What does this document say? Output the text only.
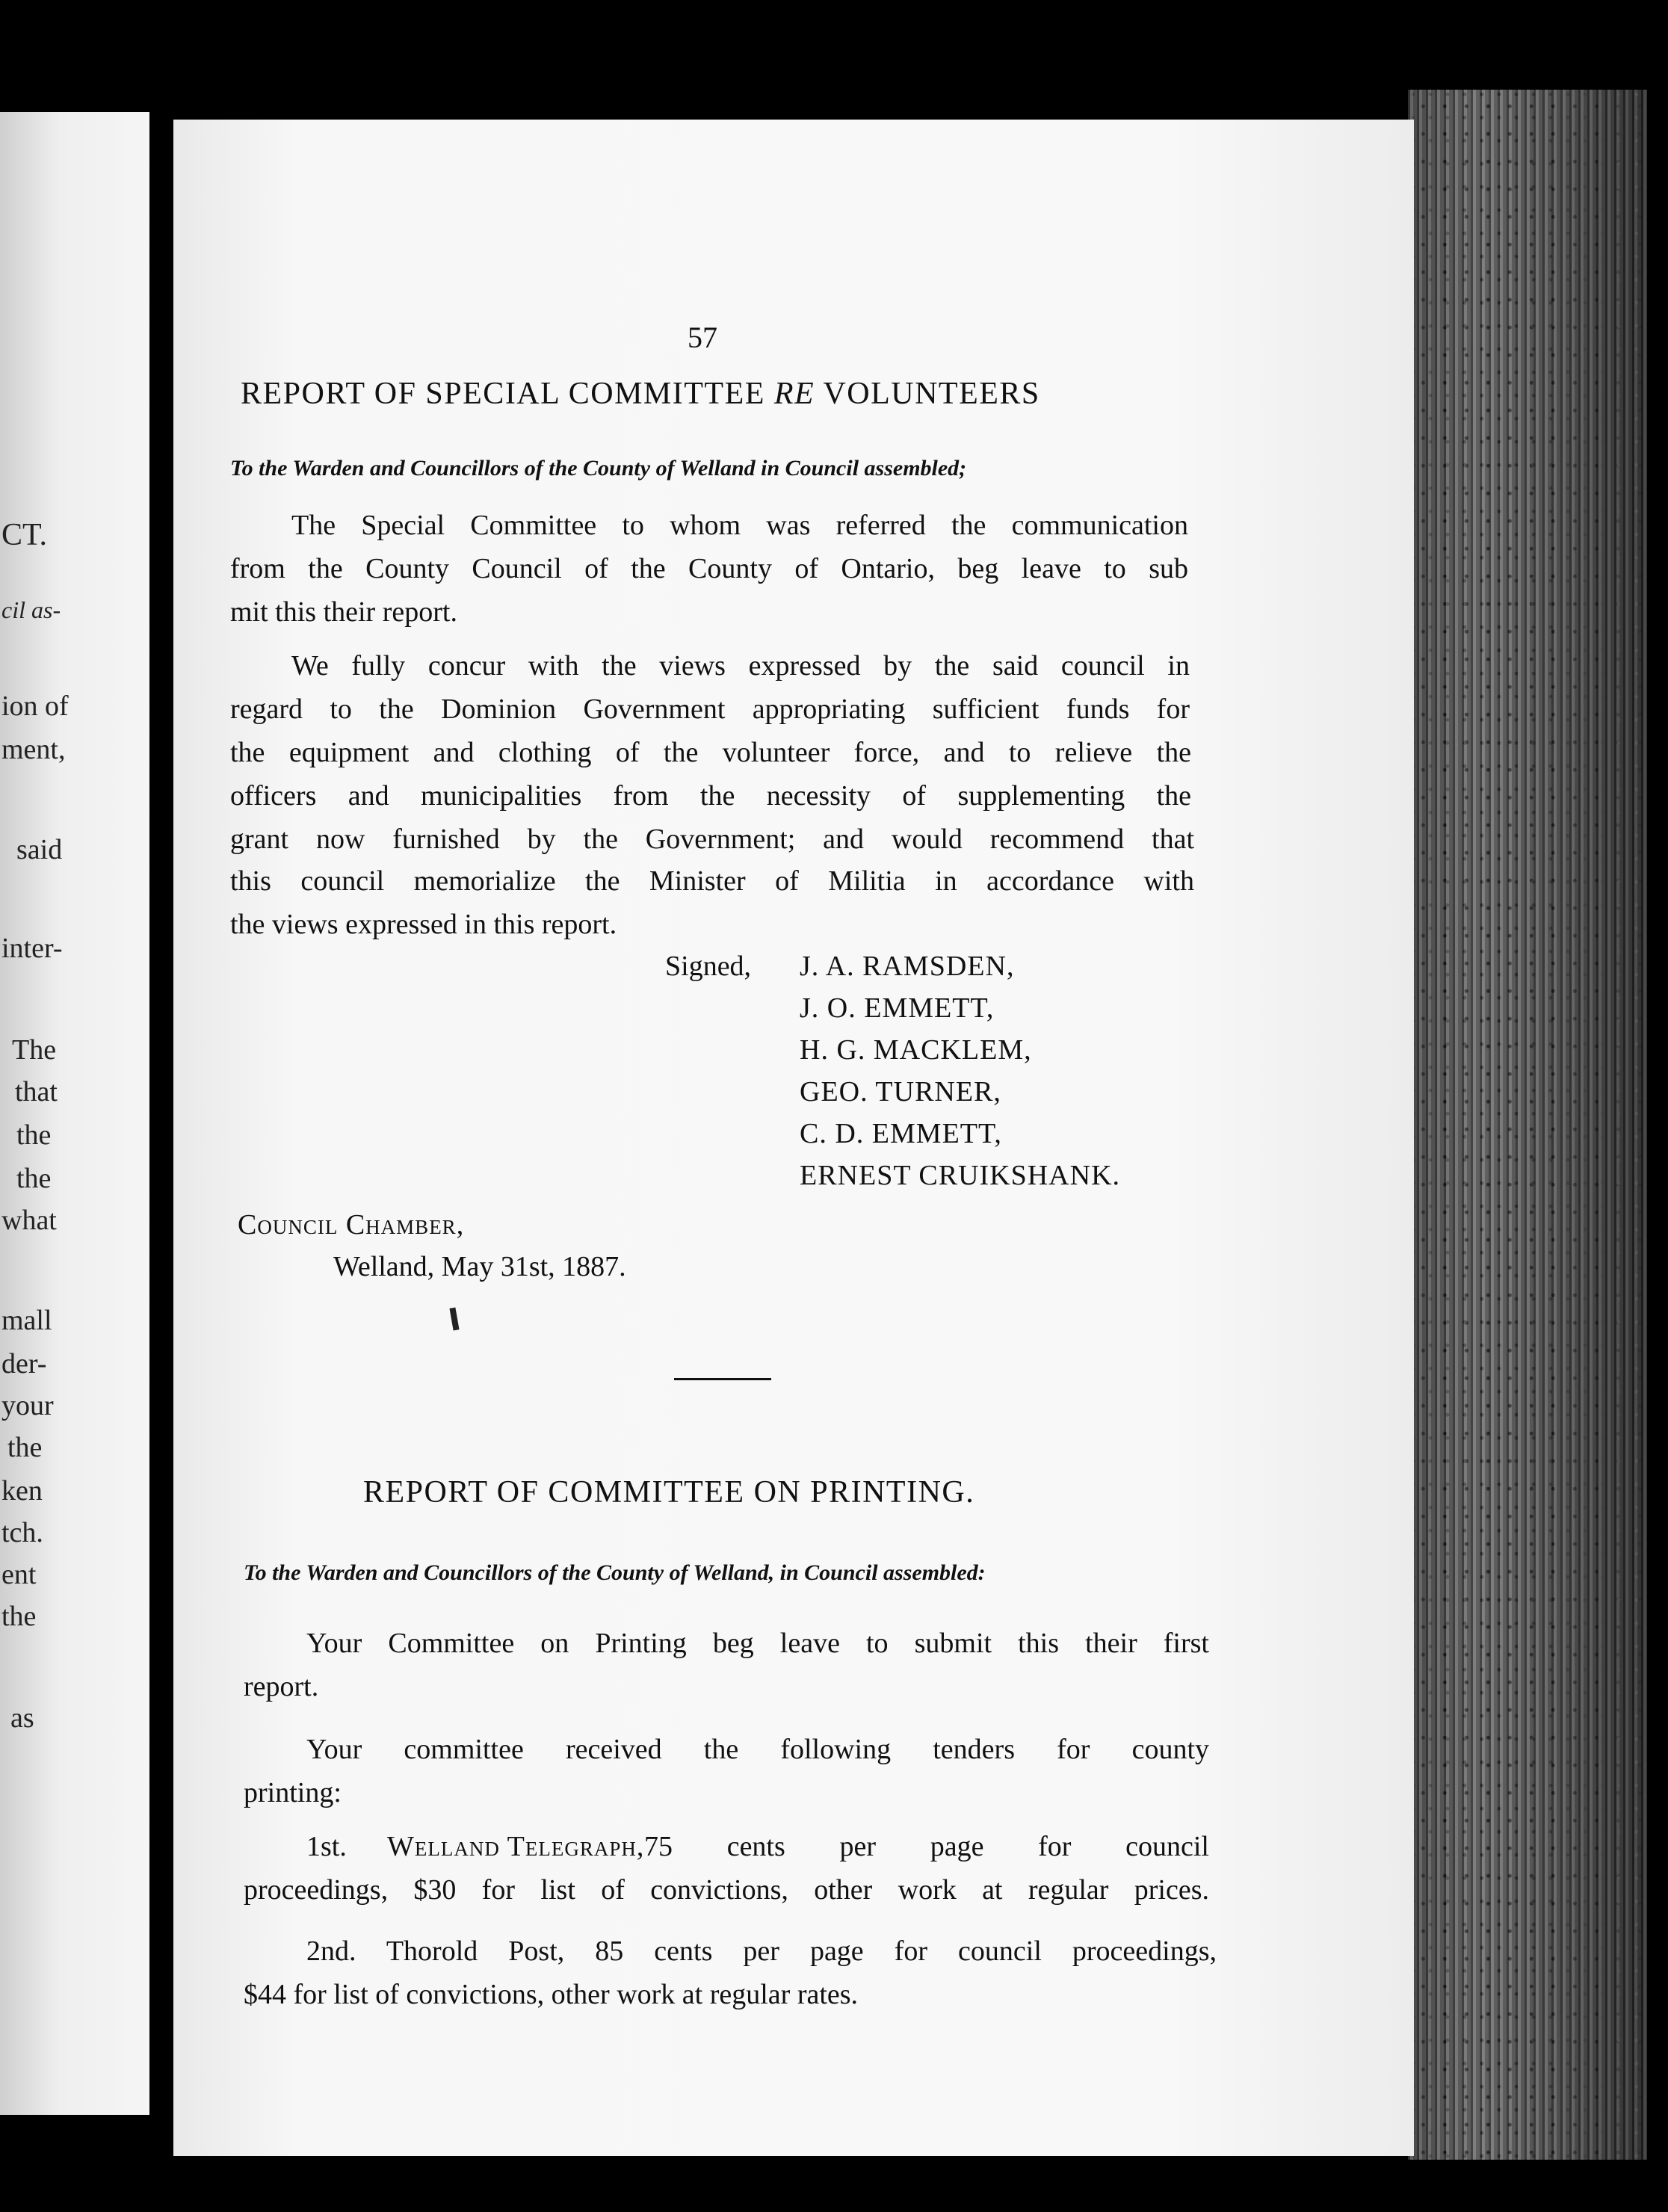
CT.
cil as-
ion of
ment,
said
inter-
The
that
the
the
what
mall
der-
your
the
ken
tch.
ent
the
as
57
REPORT OF SPECIAL COMMITTEE RE VOLUNTEERS
To the Warden and Councillors of the County of Welland in Council assembled;
The Special Committee to whom was referred the communication
from the County Council of the County of Ontario, beg leave to sub
mit this their report.
We fully concur with the views expressed by the said council in
regard to the Dominion Government appropriating sufficient funds for
the equipment and clothing of the volunteer force, and to relieve the
officers and municipalities from the necessity of supplementing the
grant now furnished by the Government; and would recommend that
this council memorialize the Minister of Militia in accordance with
the views expressed in this report.
Signed, J. A. RAMSDEN,
J. O. EMMETT,
H. G. MACKLEM,
GEO. TURNER,
C. D. EMMETT,
ERNEST CRUIKSHANK.
Council Chamber,
Welland, May 31st, 1887.
REPORT OF COMMITTEE ON PRINTING.
To the Warden and Councillors of the County of Welland, in Council assembled:
Your Committee on Printing beg leave to submit this their first
report.
Your committee received the following tenders for county
printing:
1st. Welland Telegraph, 75 cents per page for council
proceedings, $30 for list of convictions, other work at regular prices.
2nd. Thorold Post, 85 cents per page for council proceedings,
$44 for list of convictions, other work at regular rates.
